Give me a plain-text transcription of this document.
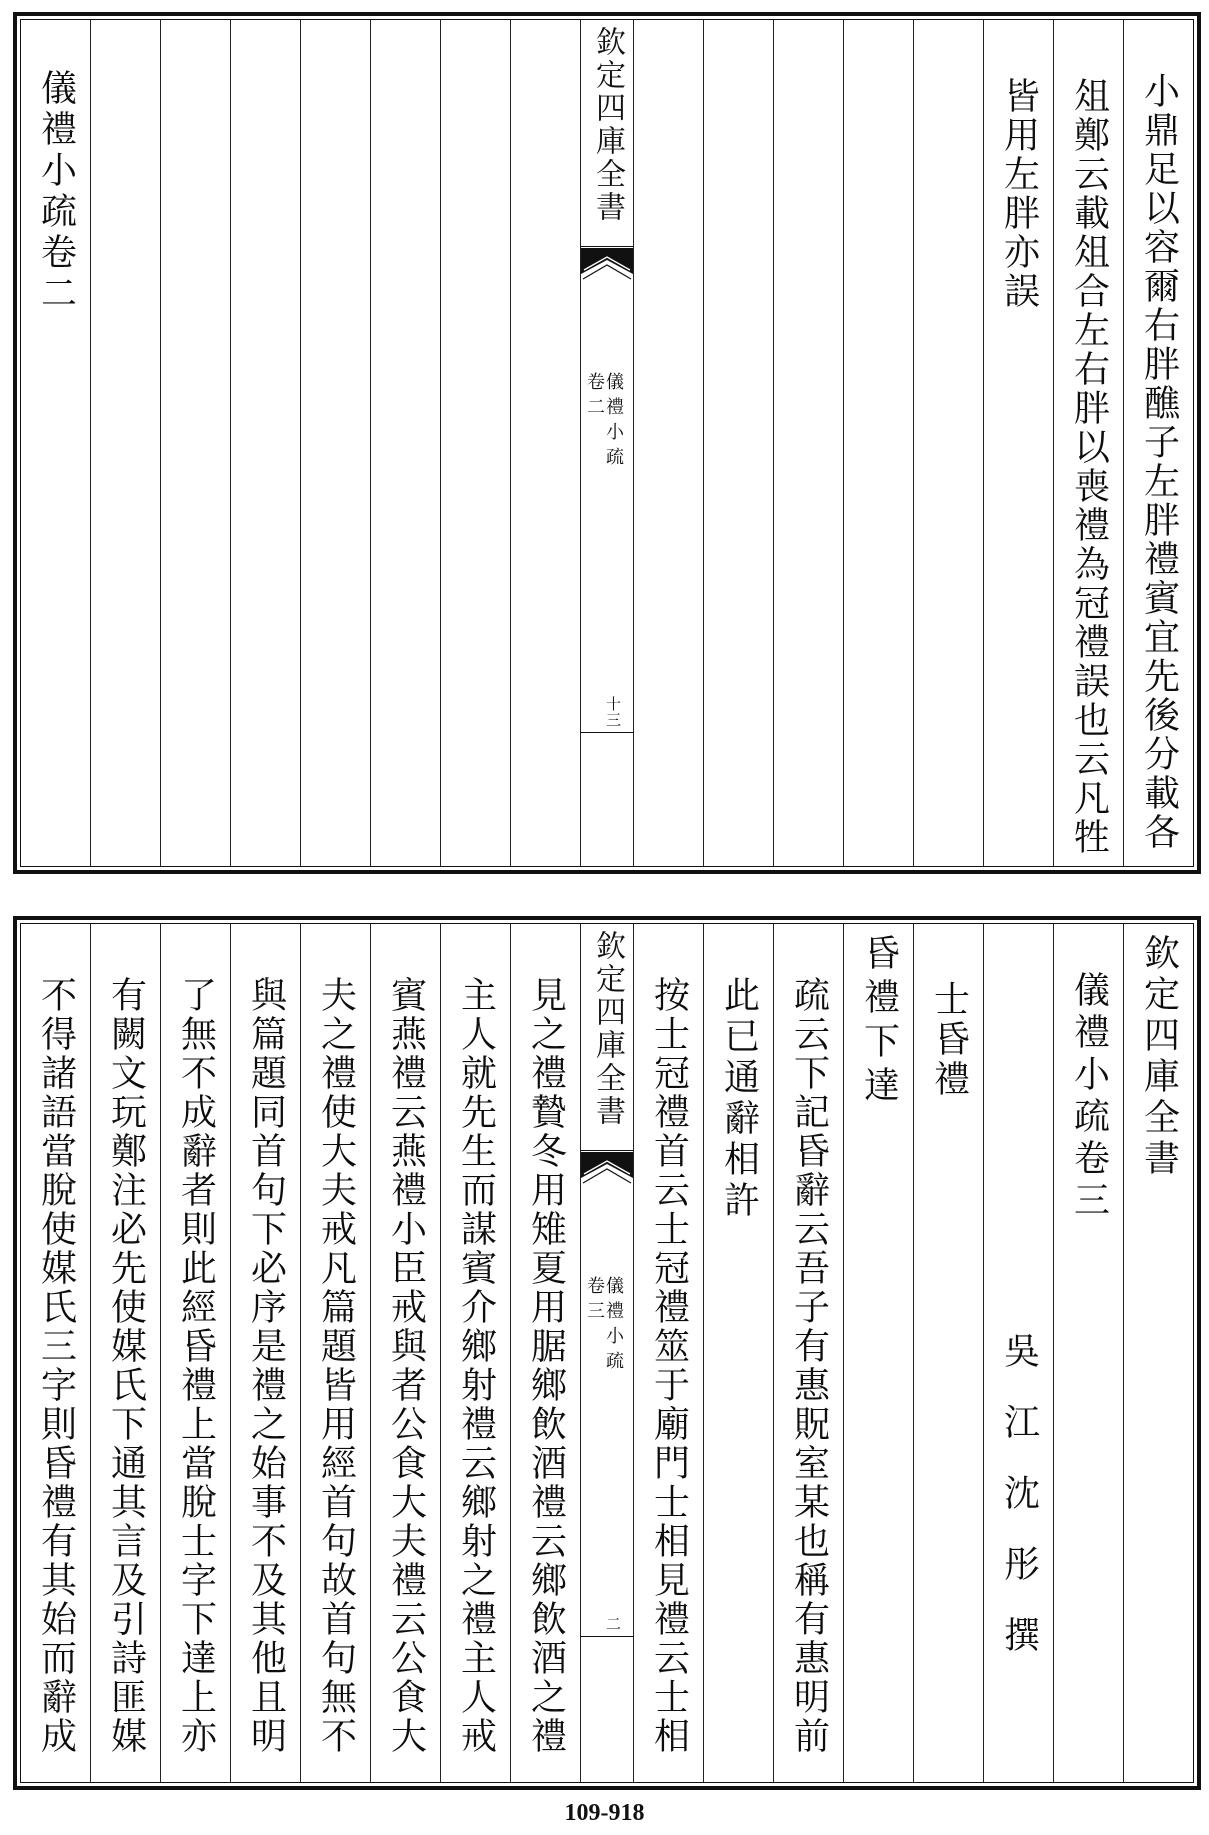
儀禮小疏卷二	欽定四庫全書
儀禮小疏
卷二
十三
皆用左胖亦誤 俎鄭云載俎合左右胖以喪禮為冠禮誤也云凡牲 小鼎足以容爾右胖醮子左胖禮賓宜先後分載各
不得諸語當脫使媒氏三字則昏禮有其始而辭成 有闕文玩鄭注必先使媒氏下通其言及引詩匪媒 了無不成辭者則此經昏禮上當脫士字下達上亦 與篇題同首句下必序是禮之始事不及其他且明 夫之禮使大夫戒凡篇題皆用經首句故首句無不 賓燕禮云燕禮小臣戒與者公食大夫禮云公食大 主人就先生而謀賓介鄉射禮云鄉射之禮主人戒 見之禮贄冬用雉夏用腒鄉飲酒禮云鄉飲酒之禮 欽定四庫全書
儀禮小疏
卷三
二 按士冠禮首云士冠禮筮于廟門士相見禮云士相 此已通辭相許 疏云下記昏辭云吾子有惠貺室某也稱有惠明前 昏禮下達 士昏禮
吳江沈彤撰
儀禮小疏卷三 欽定四庫全書
109-918
